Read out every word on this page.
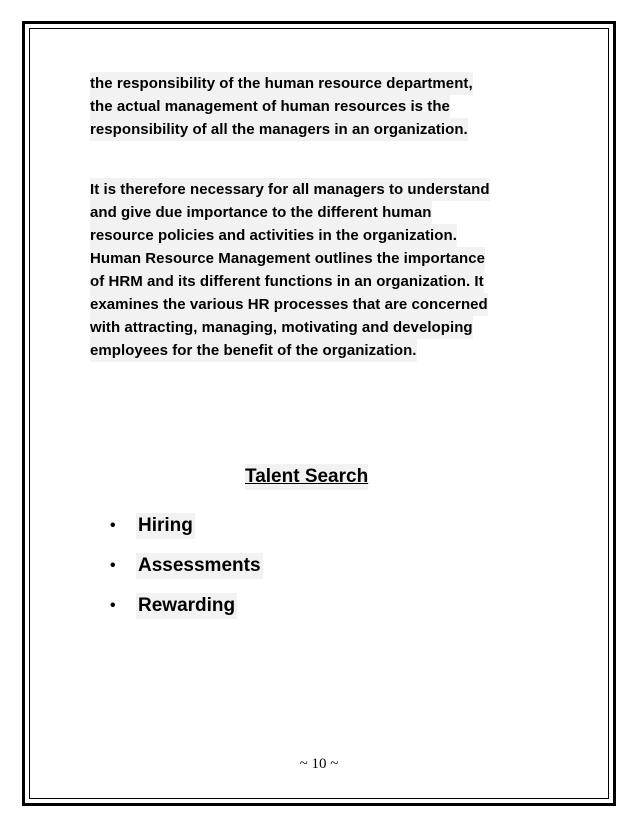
the responsibility of the human resource department,
the actual management of human resources is the
responsibility of all the managers in an organization.
It is therefore necessary for all managers to understand
and give due importance to the different human
resource policies and activities in the organization.
Human Resource Management outlines the importance
of HRM and its different functions in an organization. It
examines the various HR processes that are concerned
with attracting, managing, motivating and developing
employees for the benefit of the organization.
Talent Search
•	Hiring
•	Assessments
•	Rewarding
~ 10 ~
